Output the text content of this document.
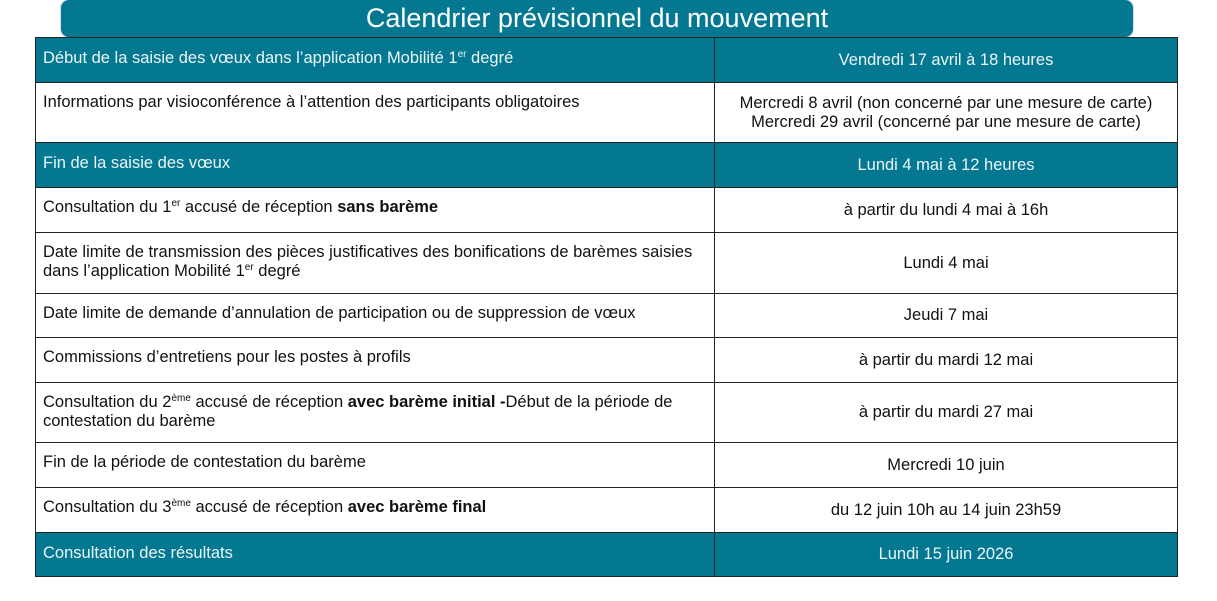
Calendrier prévisionnel du mouvement
Début de la saisie des vœux dans l’application Mobilité 1er degré	Vendredi 17 avril à 18 heures
Informations par visioconférence à l’attention des participants obligatoires	Mercredi 8 avril (non concerné par une mesure de carte)
Mercredi 29 avril (concerné par une mesure de carte)

Fin de la saisie des vœux	Lundi 4 mai à 12 heures
Consultation du 1er accusé de réception sans barème	à partir du lundi 4 mai à 16h
Date limite de transmission des pièces justificatives des bonifications de barèmes saisies dans l’application Mobilité 1er degré	Lundi 4 mai
Date limite de demande d’annulation de participation ou de suppression de vœux	Jeudi 7 mai
Commissions d’entretiens pour les postes à profils	à partir du mardi 12 mai
Consultation du 2ème accusé de réception avec barème initial -Début de la période de contestation du barème	à partir du mardi 27 mai
Fin de la période de contestation du barème	Mercredi 10 juin
Consultation du 3ème accusé de réception avec barème final	du 12 juin 10h au 14 juin 23h59
Consultation des résultats	Lundi 15 juin 2026
